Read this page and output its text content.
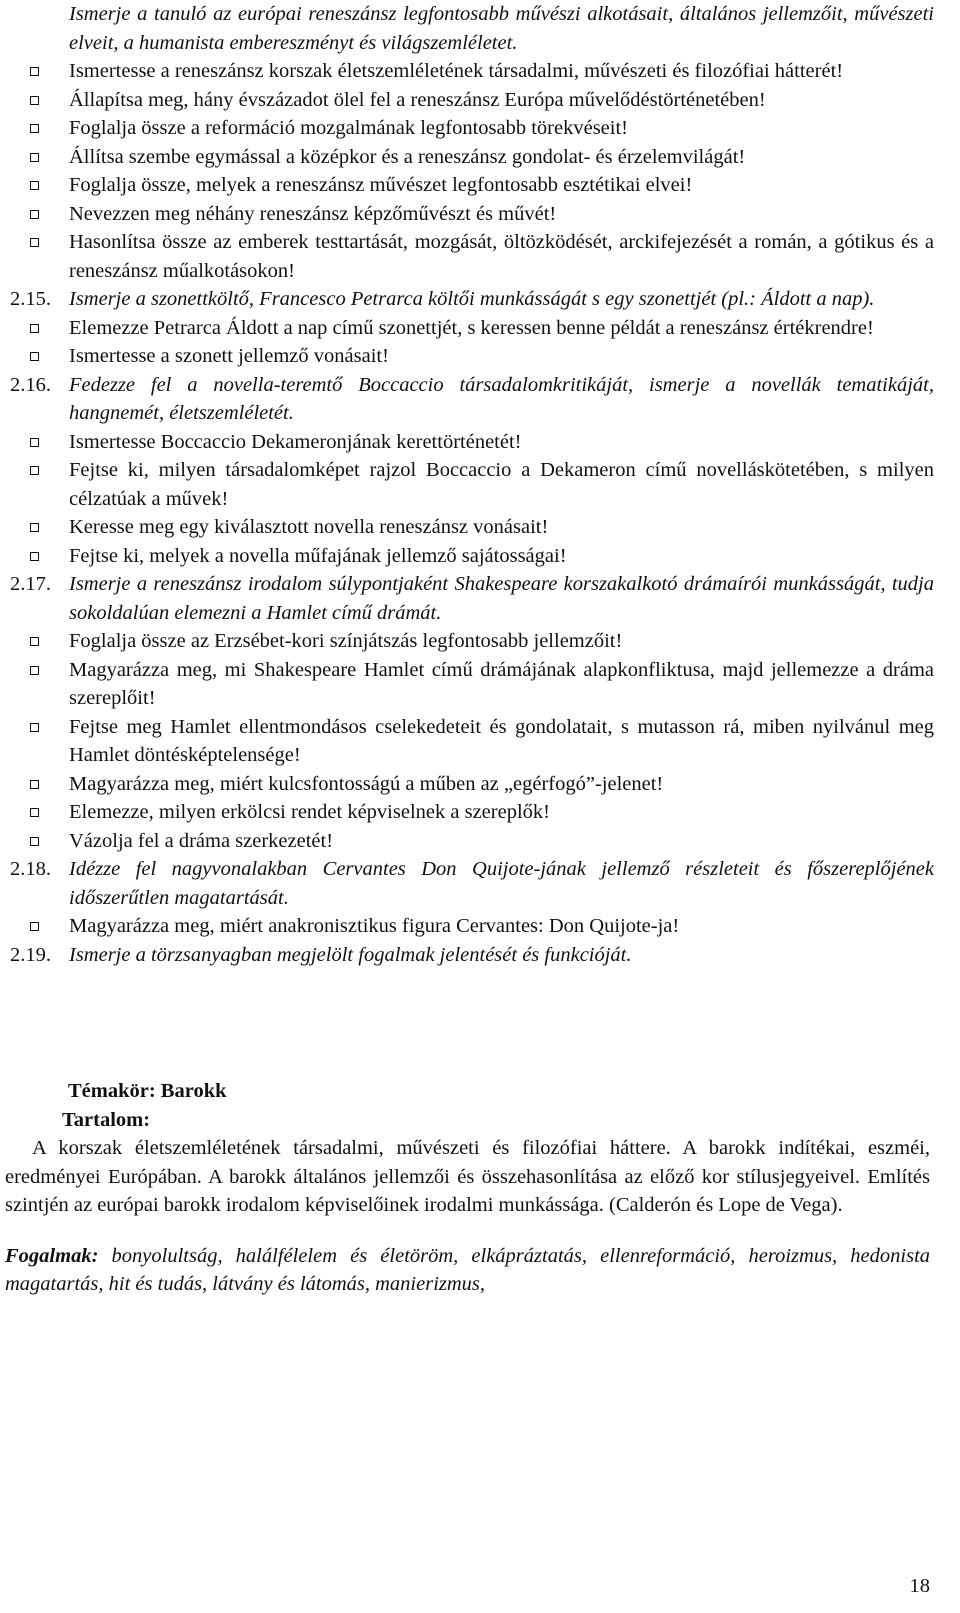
Ismerje a tanuló az európai reneszánsz legfontosabb művészi alkotásait, általános jellemzőit, művészeti elveit, a humanista embereszményt és világszemléletet.
Ismertesse a reneszánsz korszak életszemléletének társadalmi, művészeti és filozófiai hátterét!
Állapítsa meg, hány évszázadot ölel fel a reneszánsz Európa művelődéstörténetében!
Foglalja össze a reformáció mozgalmának legfontosabb törekvéseit!
Állítsa szembe egymással a középkor és a reneszánsz gondolat- és érzelemvilágát!
Foglalja össze, melyek a reneszánsz művészet legfontosabb esztétikai elvei!
Nevezzen meg néhány reneszánsz képzőművészt és művét!
Hasonlítsa össze az emberek testtartását, mozgását, öltözködését, arckifejezését a román, a gótikus és a reneszánsz műalkotásokon!
2.15. Ismerje a szonettköltő, Francesco Petrarca költői munkásságát s egy szonettjét (pl.: Áldott a nap).
Elemezze Petrarca Áldott a nap című szonettjét, s keressen benne példát a reneszánsz értékrendre!
Ismertesse a szonett jellemző vonásait!
2.16. Fedezze fel a novella-teremtő Boccaccio társadalomkritikáját, ismerje a novellák tematikáját, hangnemét, életszemléletét.
Ismertesse Boccaccio Dekameronjának kerettörténetét!
Fejtse ki, milyen társadalomképet rajzol Boccaccio a Dekameron című novelláskötetében, s milyen célzatúak a művek!
Keresse meg egy kiválasztott novella reneszánsz vonásait!
Fejtse ki, melyek a novella műfajának jellemző sajátosságai!
2.17. Ismerje a reneszánsz irodalom súlypontjaként Shakespeare korszakalkotó drámaírói munkásságát, tudja sokoldalúan elemezni a Hamlet című drámát.
Foglalja össze az Erzsébet-kori színjátszás legfontosabb jellemzőit!
Magyarázza meg, mi Shakespeare Hamlet című drámájának alapkonfliktusa, majd jellemezze a dráma szereplőit!
Fejtse meg Hamlet ellentmondásos cselekedeteit és gondolatait, s mutasson rá, miben nyilvánul meg Hamlet döntésképtelensége!
Magyarázza meg, miért kulcsfontosságú a műben az „egérfogó”-jelenet!
Elemezze, milyen erkölcsi rendet képviselnek a szereplők!
Vázolja fel a dráma szerkezetét!
2.18. Idézze fel nagyvonalakban Cervantes Don Quijote-jának jellemző részleteit és főszereplőjének időszerűtlen magatartását.
Magyarázza meg, miért anakronisztikus figura Cervantes: Don Quijote-ja!
2.19. Ismerje a törzsanyagban megjelölt fogalmak jelentését és funkcióját.
Témakör: Barokk
Tartalom:
A korszak életszemléletének társadalmi, művészeti és filozófiai háttere. A barokk indítékai, eszméi, eredményei Európában. A barokk általános jellemzői és összehasonlítása az előző kor stílusjegyeivel. Említés szintjén az európai barokk irodalom képviselőinek irodalmi munkássága. (Calderón és Lope de Vega).
Fogalmak: bonyolultság, halálfélelem és életöröm, elkápráztatás, ellenreformáció, heroizmus, hedonista magatartás, hit és tudás, látvány és látomás, manierizmus,
18
